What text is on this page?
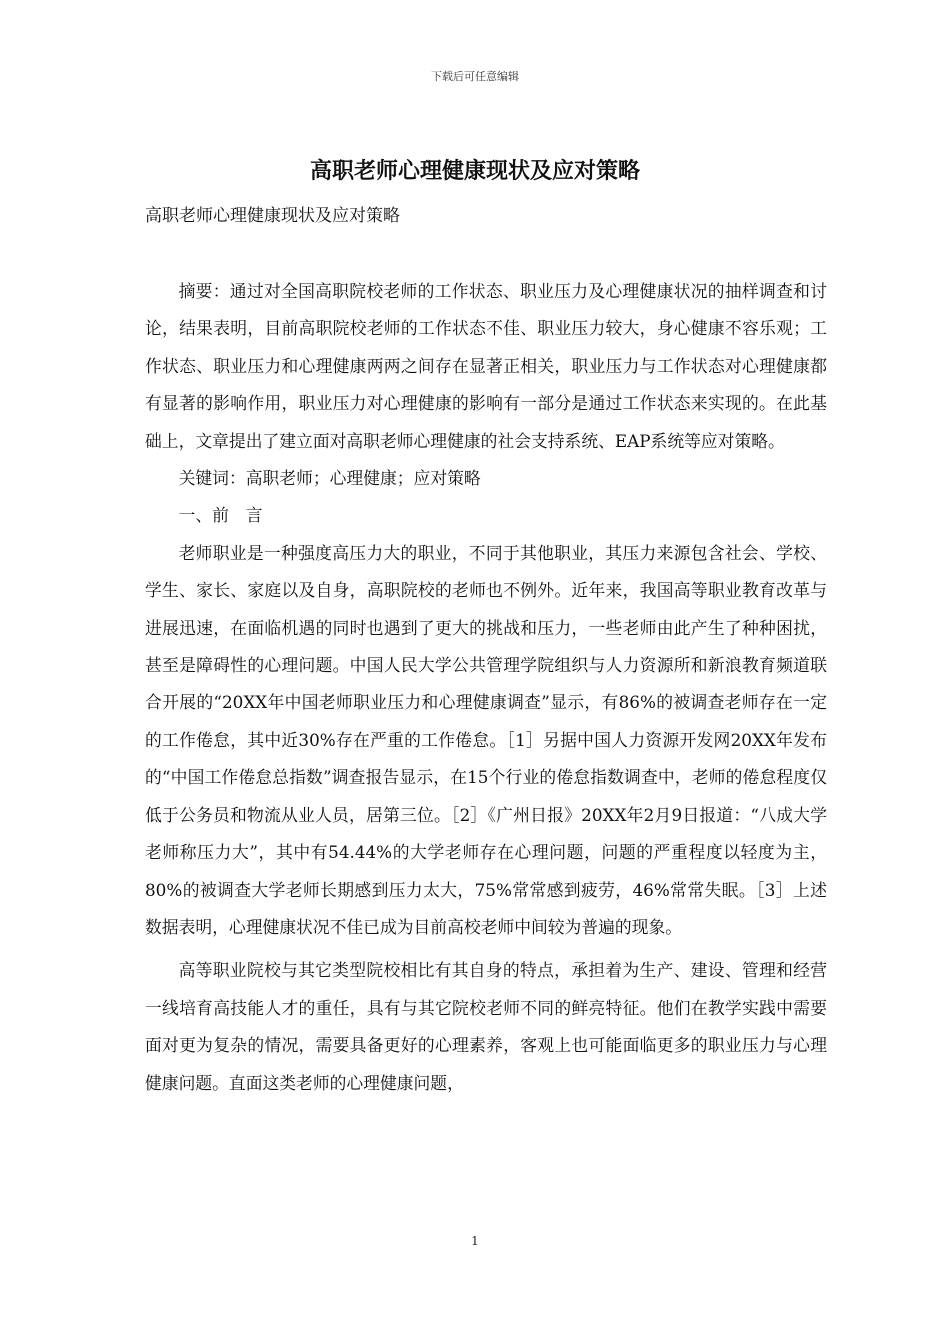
下载后可任意编辑
高职老师心理健康现状及应对策略
高职老师心理健康现状及应对策略

摘要：通过对全国高职院校老师的工作状态、职业压力及心理健康状况的抽样调查和讨论，结果表明，目前高职院校老师的工作状态不佳、职业压力较大，身心健康不容乐观；工作状态、职业压力和心理健康两两之间存在显著正相关，职业压力与工作状态对心理健康都有显著的影响作用，职业压力对心理健康的影响有一部分是通过工作状态来实现的。在此基础上，文章提出了建立面对高职老师心理健康的社会支持系统、EAP系统等应对策略。

关键词：高职老师；心理健康；应对策略

一、前　言

老师职业是一种强度高压力大的职业，不同于其他职业，其压力来源包含社会、学校、学生、家长、家庭以及自身，高职院校的老师也不例外。近年来，我国高等职业教育改革与进展迅速，在面临机遇的同时也遇到了更大的挑战和压力，一些老师由此产生了种种困扰，甚至是障碍性的心理问题。中国人民大学公共管理学院组织与人力资源所和新浪教育频道联合开展的“20XX年中国老师职业压力和心理健康调查”显示，有86%的被调查老师存在一定的工作倦怠，其中近30%存在严重的工作倦怠。［1］另据中国人力资源开发网20XX年发布的“中国工作倦怠总指数”调查报告显示，在15个行业的倦怠指数调查中，老师的倦怠程度仅低于公务员和物流从业人员，居第三位。［2］《广州日报》20XX年2月9日报道：“八成大学老师称压力大”，其中有54.44%的大学老师存在心理问题，问题的严重程度以轻度为主，80%的被调查大学老师长期感到压力太大，75%常常感到疲劳，46%常常失眠。［3］上述数据表明，心理健康状况不佳已成为目前高校老师中间较为普遍的现象。

高等职业院校与其它类型院校相比有其自身的特点，承担着为生产、建设、管理和经营一线培育高技能人才的重任，具有与其它院校老师不同的鲜亮特征。他们在教学实践中需要面对更为复杂的情况，需要具备更好的心理素养，客观上也可能面临更多的职业压力与心理健康问题。直面这类老师的心理健康问题，

1
